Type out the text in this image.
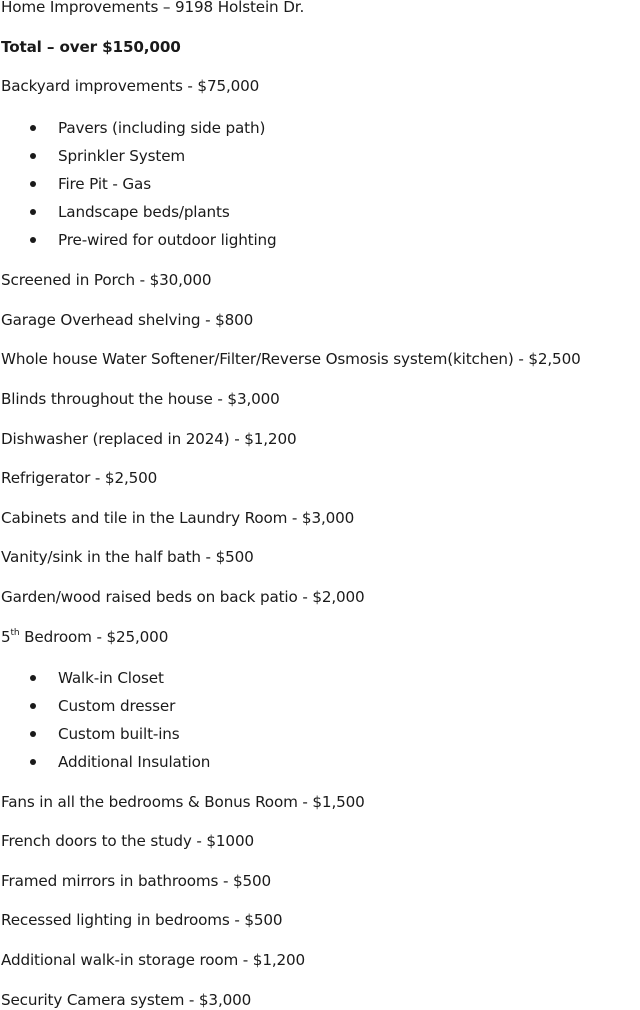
Home Improvements – 9198 Holstein Dr.
Total – over $150,000
Backyard improvements - $75,000
Pavers (including side path)
Sprinkler System
Fire Pit - Gas
Landscape beds/plants
Pre-wired for outdoor lighting
Screened in Porch - $30,000
Garage Overhead shelving - $800
Whole house Water Softener/Filter/Reverse Osmosis system(kitchen) - $2,500
Blinds throughout the house - $3,000
Dishwasher (replaced in 2024) - $1,200
Refrigerator - $2,500
Cabinets and tile in the Laundry Room - $3,000
Vanity/sink in the half bath - $500
Garden/wood raised beds on back patio - $2,000
5th Bedroom - $25,000
Walk-in Closet
Custom dresser
Custom built-ins
Additional Insulation
Fans in all the bedrooms & Bonus Room - $1,500
French doors to the study - $1000
Framed mirrors in bathrooms - $500
Recessed lighting in bedrooms - $500
Additional walk-in storage room - $1,200
Security Camera system - $3,000
